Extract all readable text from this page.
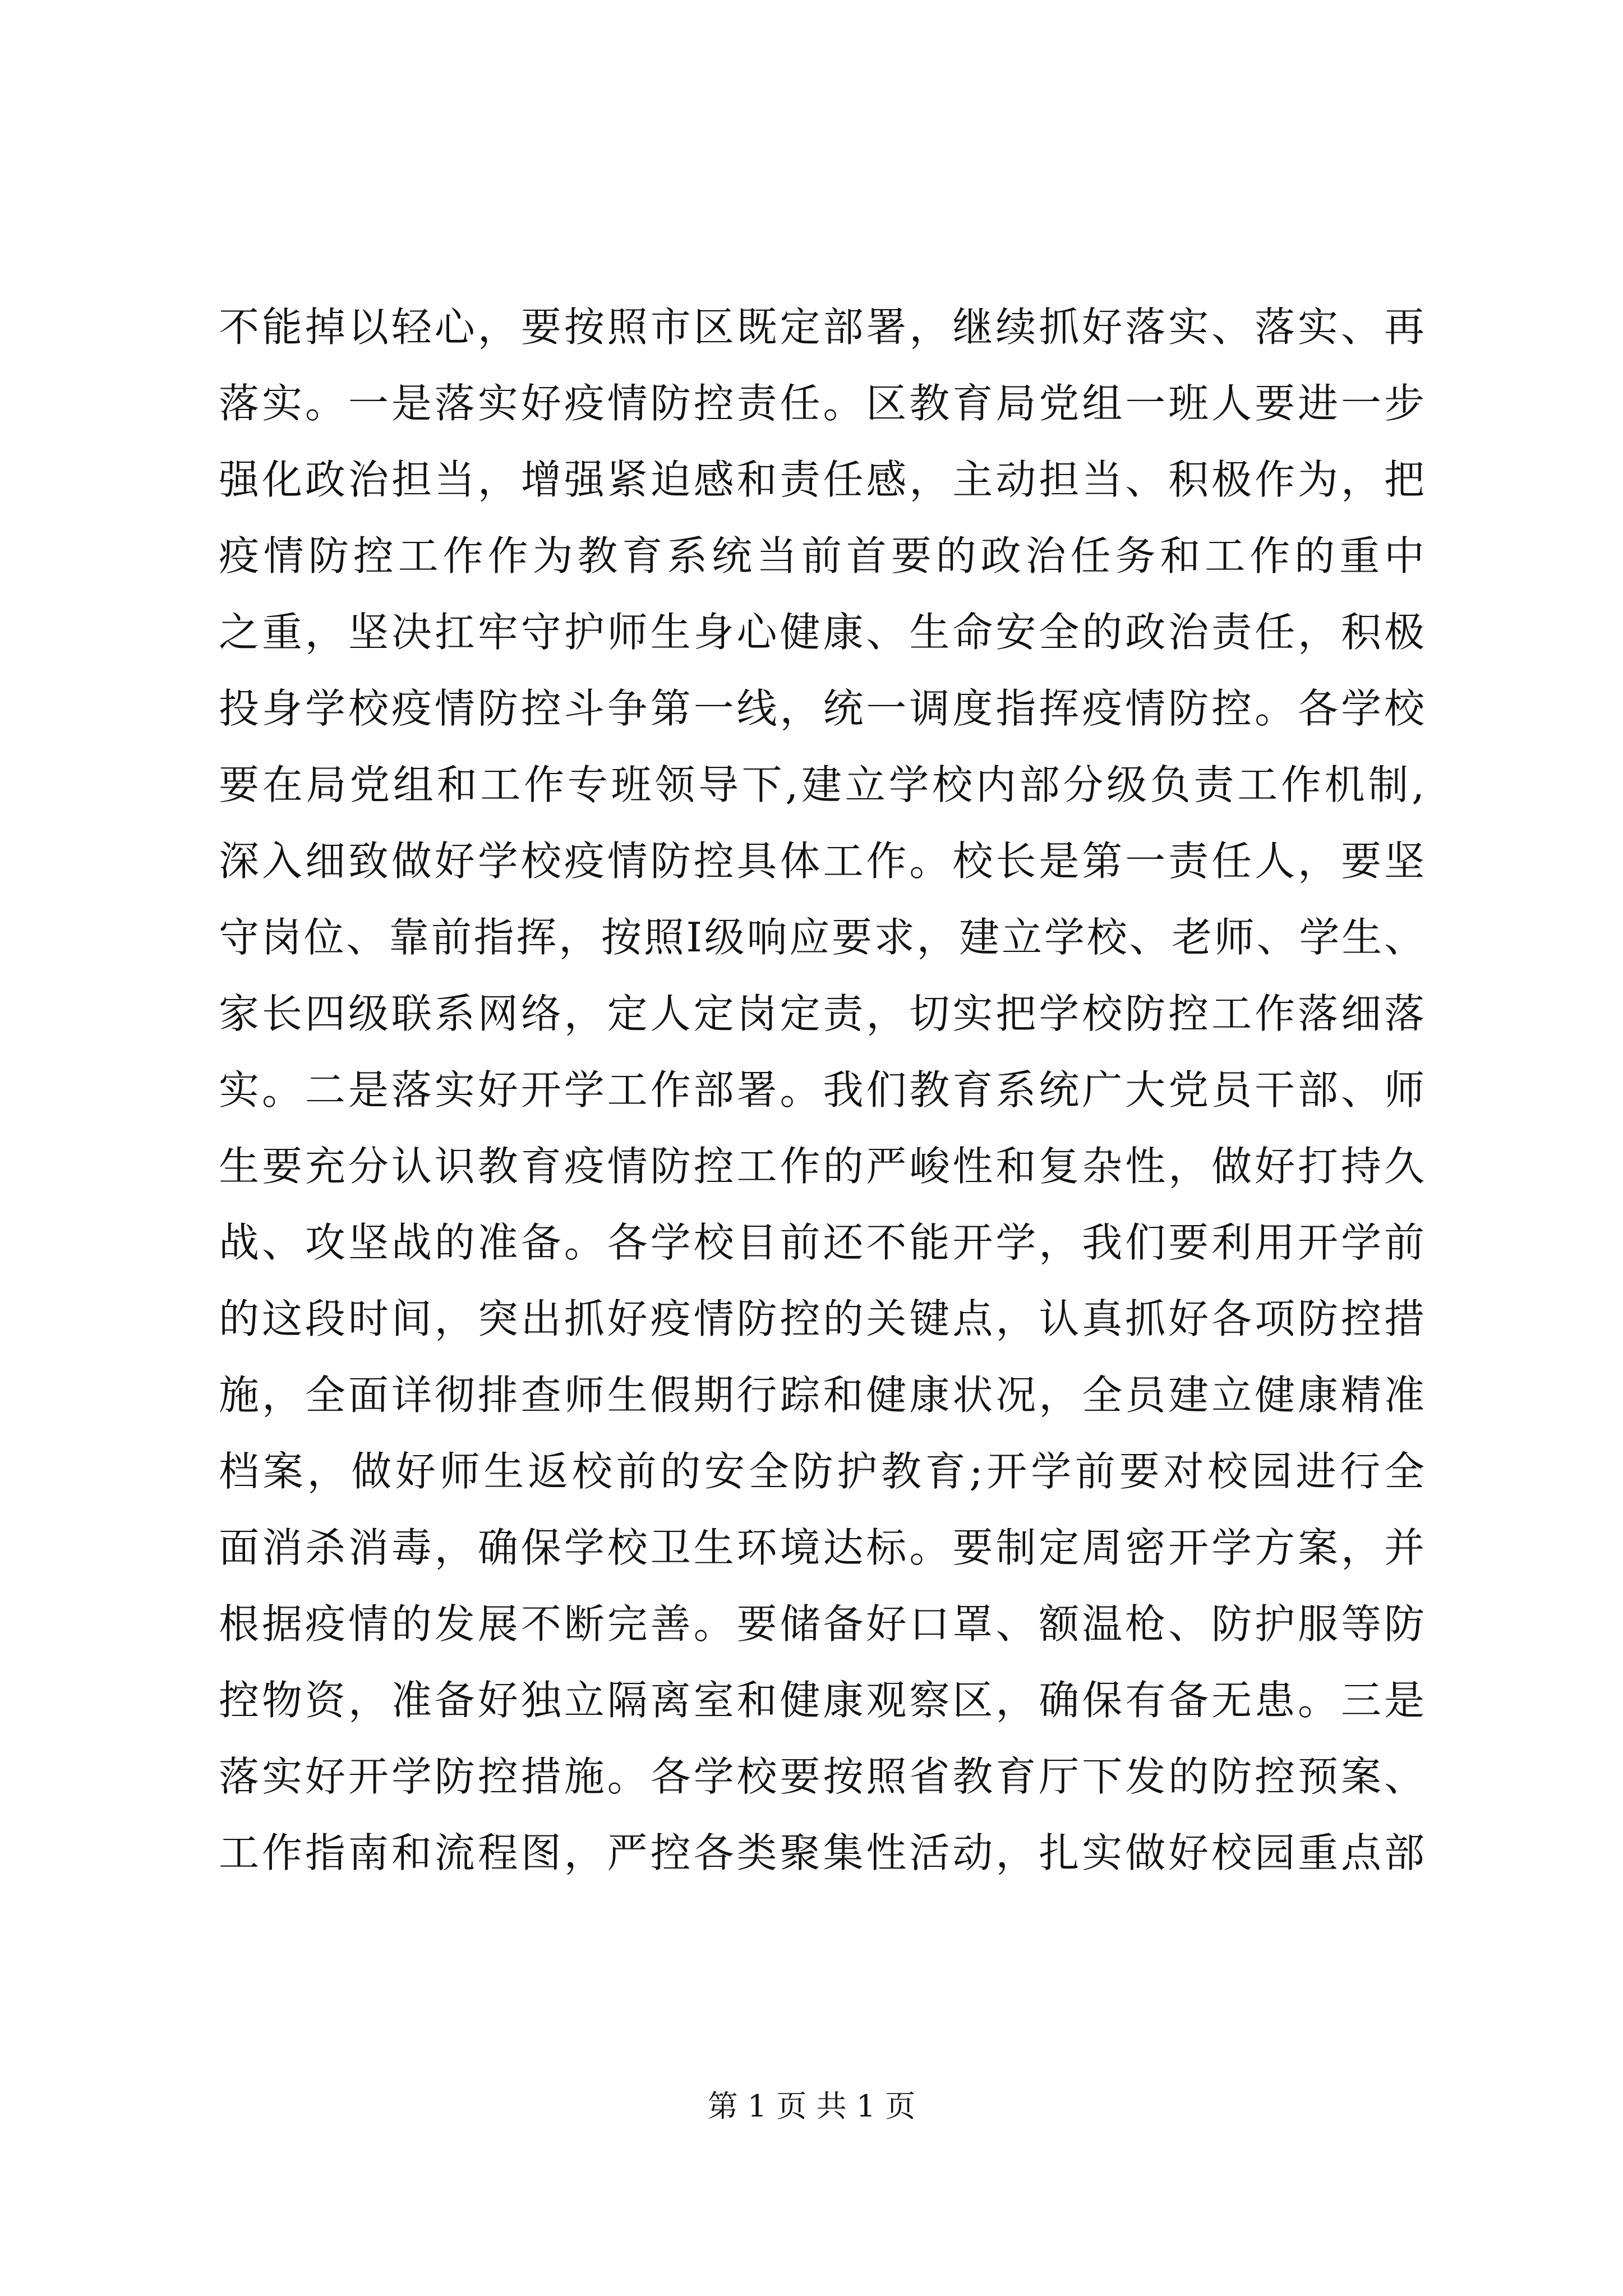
不能掉以轻心，要按照市区既定部署，继续抓好落实、落实、再
落实。一是落实好疫情防控责任。区教育局党组一班人要进一步
强化政治担当，增强紧迫感和责任感，主动担当、积极作为，把
疫情防控工作作为教育系统当前首要的政治任务和工作的重中
之重，坚决扛牢守护师生身心健康、生命安全的政治责任，积极
投身学校疫情防控斗争第一线，统一调度指挥疫情防控。各学校
要在局党组和工作专班领导下,建立学校内部分级负责工作机制,
深入细致做好学校疫情防控具体工作。校长是第一责任人，要坚
守岗位、靠前指挥，按照Ⅰ级响应要求，建立学校、老师、学生、
家长四级联系网络，定人定岗定责，切实把学校防控工作落细落
实。二是落实好开学工作部署。我们教育系统广大党员干部、师
生要充分认识教育疫情防控工作的严峻性和复杂性，做好打持久
战、攻坚战的准备。各学校目前还不能开学，我们要利用开学前
的这段时间，突出抓好疫情防控的关键点，认真抓好各项防控措
施，全面详彻排查师生假期行踪和健康状况，全员建立健康精准
档案，做好师生返校前的安全防护教育;开学前要对校园进行全
面消杀消毒，确保学校卫生环境达标。要制定周密开学方案，并
根据疫情的发展不断完善。要储备好口罩、额温枪、防护服等防
控物资，准备好独立隔离室和健康观察区，确保有备无患。三是
落实好开学防控措施。各学校要按照省教育厅下发的防控预案、
工作指南和流程图，严控各类聚集性活动，扎实做好校园重点部
第 1 页 共 1 页
